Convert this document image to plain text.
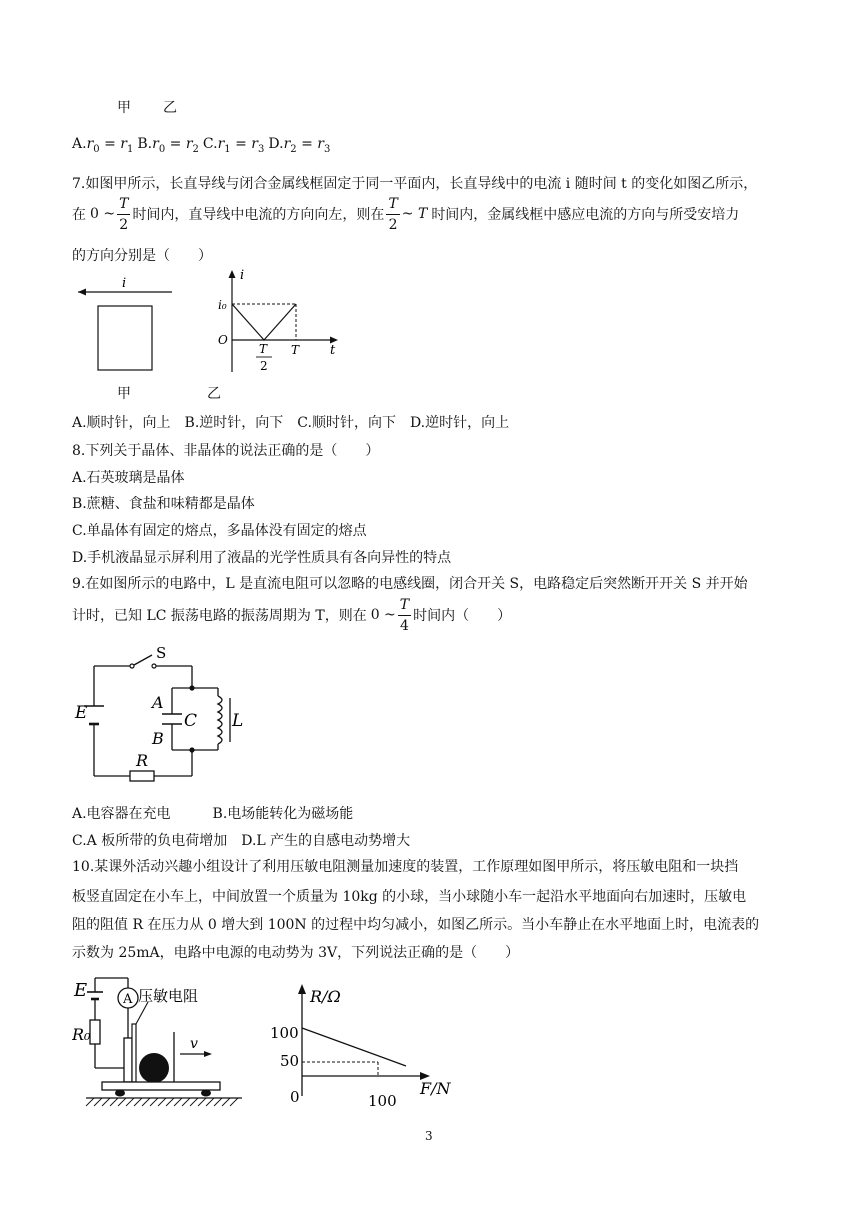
甲 乙
$A.r_0 = r_1$ $B.r_0 = r_2$ $C.r_1 = r_3$ $D.r_2 = r_3$
7.如图甲所示，长直导线与闭合金属线框固定于同一平面内，长直导线中的电流 i 随时间 t 的变化如图乙所示，
在 0 ~ $\frac{T}{2}$ 时间内，直导线中电流的方向向左，则在 $\frac{T}{2}$ ~ T 时间内，金属线框中感应电流的方向与所受安培力
的方向分别是（　　）
i
i
t
i₀
O
T
2
T
甲	乙
A.顺时针，向上　B.逆时针，向下　C.顺时针，向下　D.逆时针，向上
8.下列关于晶体、非晶体的说法正确的是（　　）
A.石英玻璃是晶体
B.蔗糖、食盐和味精都是晶体
C.单晶体有固定的熔点，多晶体没有固定的熔点
D.手机液晶显示屏利用了液晶的光学性质具有各向异性的特点
9.在如图所示的电路中，L 是直流电阻可以忽略的电感线圈，闭合开关 S，电路稳定后突然断开开关 S 并开始
计时，已知 LC 振荡电路的振荡周期为 T，则在 0 ~ $\frac{T}{4}$ 时间内（　　）
S
E
R
A
B
C L
A.电容器在充电　　　B.电场能转化为磁场能
C.A 板所带的负电荷增加　D.L 产生的自感电动势增大
10.某课外活动兴趣小组设计了利用压敏电阻测量加速度的装置，工作原理如图甲所示，将压敏电阻和一块挡
板竖直固定在小车上，中间放置一个质量为 10kg 的小球，当小球随小车一起沿水平地面向右加速时，压敏电
阻的阻值 R 在压力从 0 增大到 100N 的过程中均匀减小，如图乙所示。当小车静止在水平地面上时，电流表的
示数为 25mA，电路中电源的电动势为 3V，下列说法正确的是（　　）
E	A
R₀
压敏电阻
v
R/Ω
F/N
100
50
0	100
3
